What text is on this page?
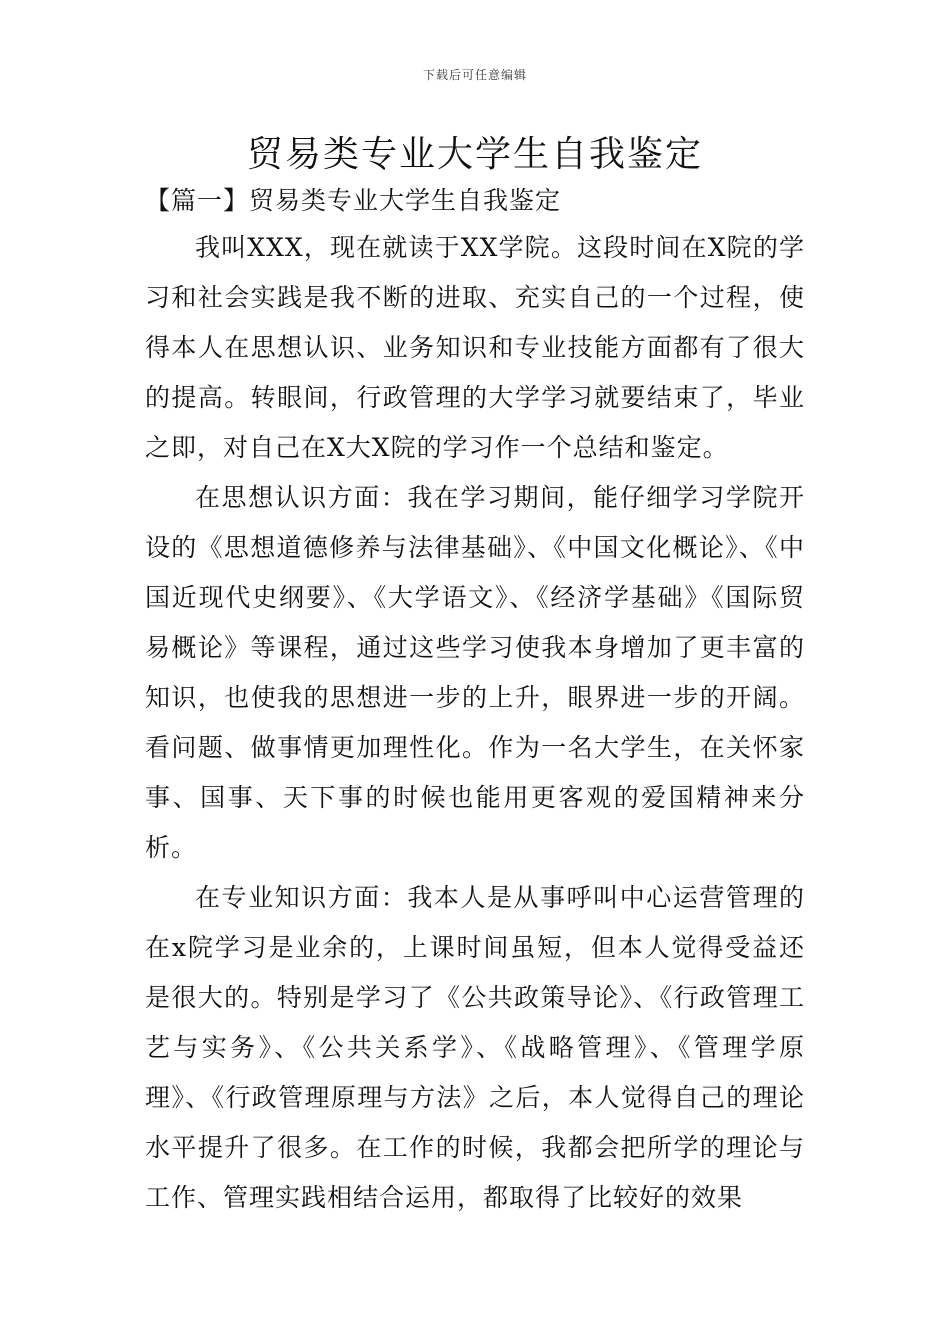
下载后可任意编辑
贸易类专业大学生自我鉴定
【篇一】贸易类专业大学生自我鉴定

我叫XXX，现在就读于XX学院。这段时间在X院的学习和社会实践是我不断的进取、充实自己的一个过程，使得本人在思想认识、业务知识和专业技能方面都有了很大的提高。转眼间，行政管理的大学学习就要结束了，毕业之即，对自己在X大X院的学习作一个总结和鉴定。

在思想认识方面：我在学习期间，能仔细学习学院开设的《思想道德修养与法律基础》、《中国文化概论》、《中国近现代史纲要》、《大学语文》、《经济学基础》《国际贸易概论》等课程，通过这些学习使我本身增加了更丰富的知识，也使我的思想进一步的上升，眼界进一步的开阔。看问题、做事情更加理性化。作为一名大学生，在关怀家事、国事、天下事的时候也能用更客观的爱国精神来分析。

在专业知识方面：我本人是从事呼叫中心运营管理的在x院学习是业余的，上课时间虽短，但本人觉得受益还是很大的。特别是学习了《公共政策导论》、《行政管理工艺与实务》、《公共关系学》、《战略管理》、《管理学原理》、《行政管理原理与方法》之后，本人觉得自己的理论水平提升了很多。在工作的时候，我都会把所学的理论与工作、管理实践相结合运用，都取得了比较好的效果
